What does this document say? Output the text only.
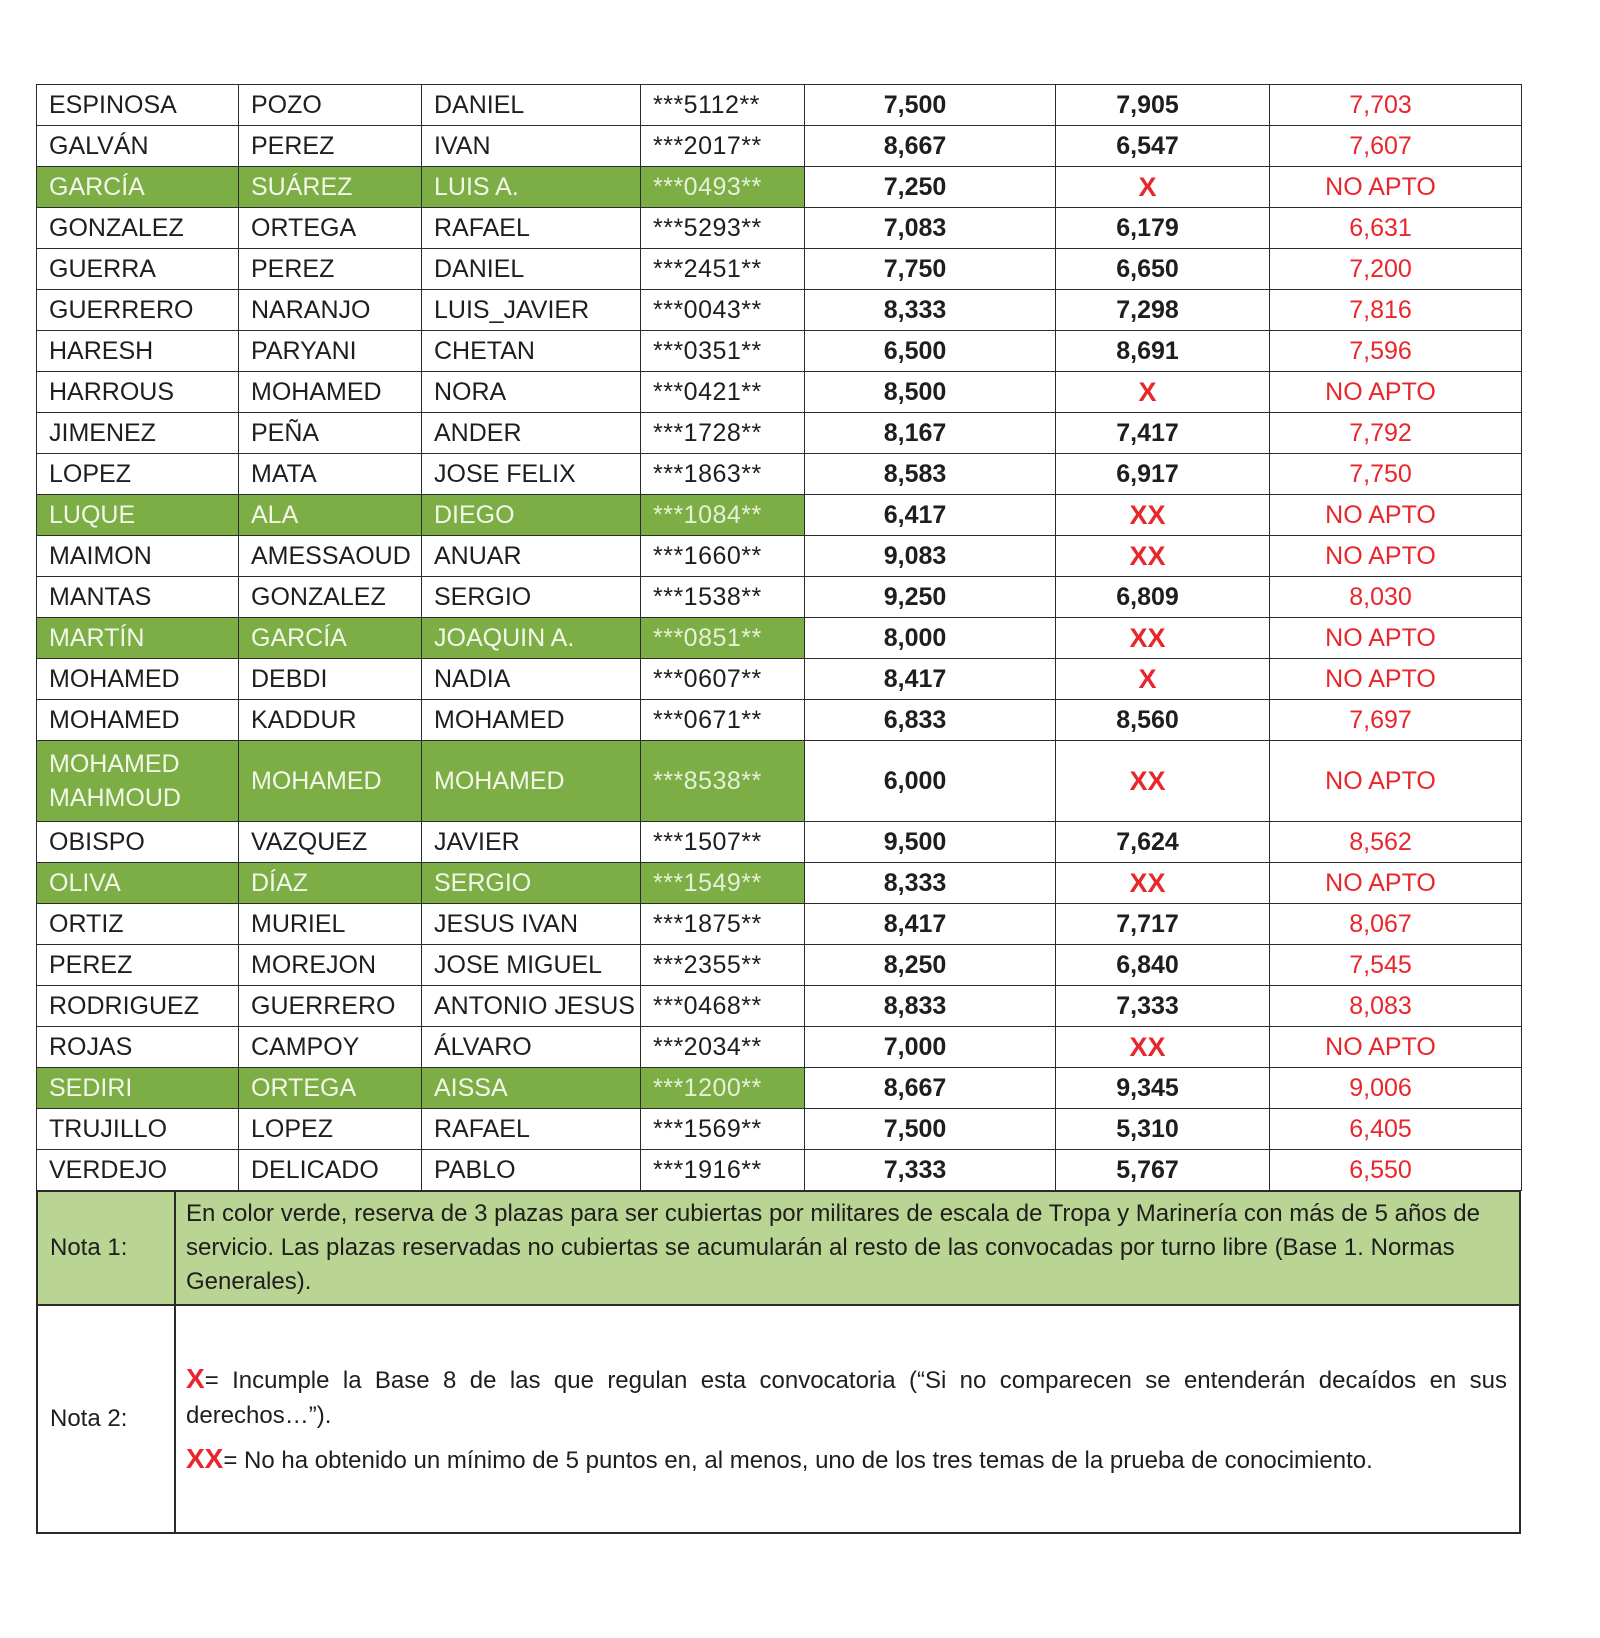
ESPINOSA	POZO	DANIEL	***5112**	7,500	7,905	7,703
GALVÁN	PEREZ	IVAN	***2017**	8,667	6,547	7,607
GARCÍA	SUÁREZ	LUIS A.	***0493**	7,250	X	NO APTO
GONZALEZ	ORTEGA	RAFAEL	***5293**	7,083	6,179	6,631
GUERRA	PEREZ	DANIEL	***2451**	7,750	6,650	7,200
GUERRERO	NARANJO	LUIS_JAVIER	***0043**	8,333	7,298	7,816
HARESH	PARYANI	CHETAN	***0351**	6,500	8,691	7,596
HARROUS	MOHAMED	NORA	***0421**	8,500	X	NO APTO
JIMENEZ	PEÑA	ANDER	***1728**	8,167	7,417	7,792
LOPEZ	MATA	JOSE FELIX	***1863**	8,583	6,917	7,750
LUQUE	ALA	DIEGO	***1084**	6,417	XX	NO APTO
MAIMON	AMESSAOUD	ANUAR	***1660**	9,083	XX	NO APTO
MANTAS	GONZALEZ	SERGIO	***1538**	9,250	6,809	8,030
MARTÍN	GARCÍA	JOAQUIN A.	***0851**	8,000	XX	NO APTO
MOHAMED	DEBDI	NADIA	***0607**	8,417	X	NO APTO
MOHAMED	KADDUR	MOHAMED	***0671**	6,833	8,560	7,697

MOHAMED MAHMOUD	MOHAMED	MOHAMED	***8538**	6,000	XX	NO APTO
OBISPO	VAZQUEZ	JAVIER	***1507**	9,500	7,624	8,562
OLIVA	DÍAZ	SERGIO	***1549**	8,333	XX	NO APTO
ORTIZ	MURIEL	JESUS IVAN	***1875**	8,417	7,717	8,067
PEREZ	MOREJON	JOSE MIGUEL	***2355**	8,250	6,840	7,545
RODRIGUEZ	GUERRERO	ANTONIO JESUS	***0468**	8,833	7,333	8,083
ROJAS	CAMPOY	ÁLVARO	***2034**	7,000	XX	NO APTO
SEDIRI	ORTEGA	AISSA	***1200**	8,667	9,345	9,006
TRUJILLO	LOPEZ	RAFAEL	***1569**	7,500	5,310	6,405
VERDEJO	DELICADO	PABLO	***1916**	7,333	5,767	6,550
Nota 1:	En color verde, reserva de 3 plazas para ser cubiertas por militares de escala de Tropa y Marinería con más de 5 años de servicio. Las plazas reservadas no cubiertas se acumularán al resto de las convocadas por turno libre (Base 1. Normas Generales).
Nota 2:	X= Incumple la Base 8 de las que regulan esta convocatoria (“Si no comparecen se entenderán decaídos en sus derechos…”).

XX= No ha obtenido un mínimo de 5 puntos en, al menos, uno de los tres temas de la prueba de conocimiento.
